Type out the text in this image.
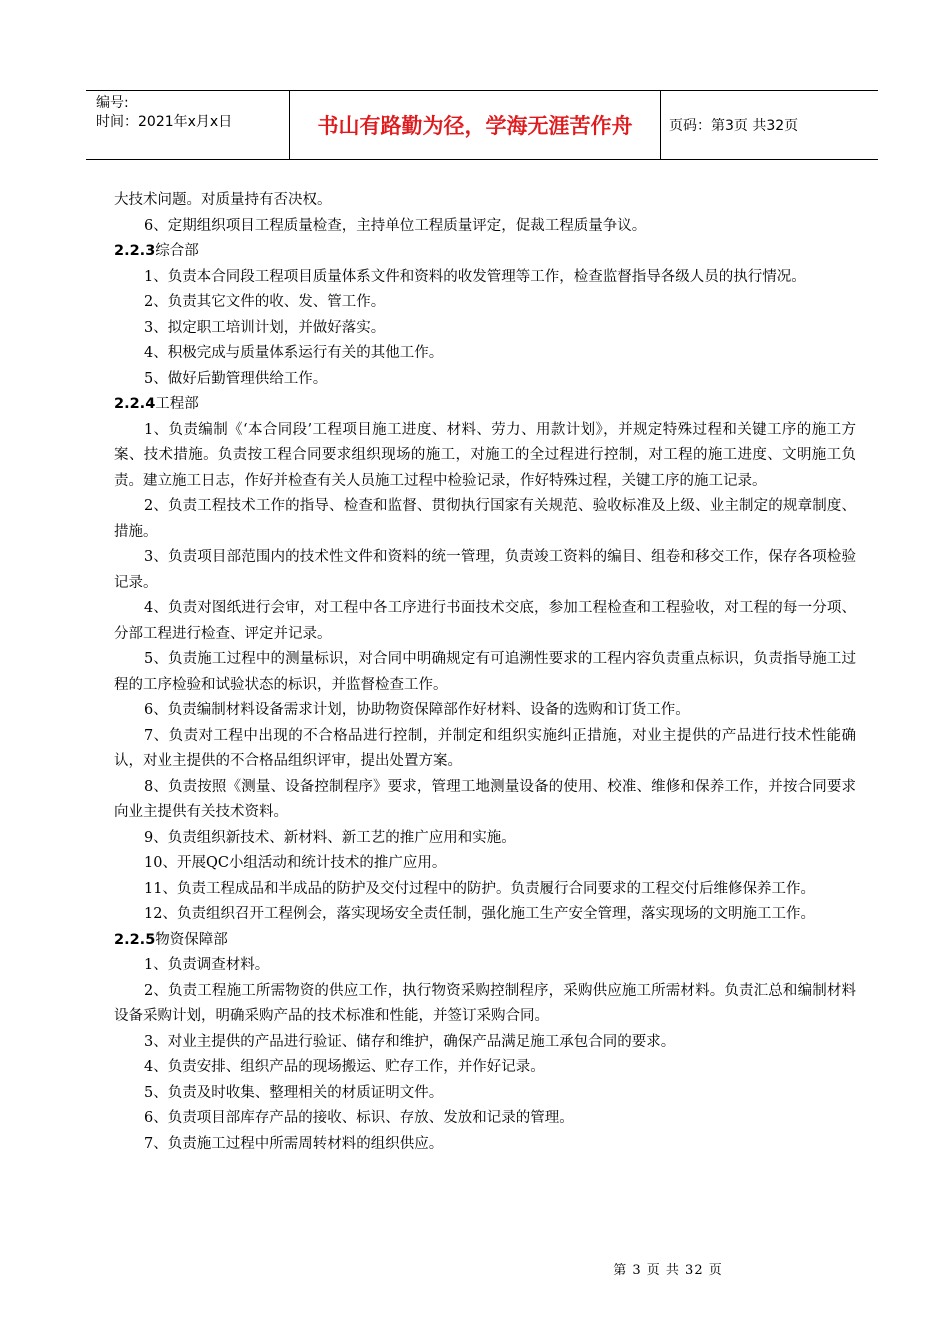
编号:
时间：2021年x月x日	书山有路勤为径，学海无涯苦作舟	页码：第3页 共32页

大技术问题。对质量持有否决权。

6、定期组织项目工程质量检查，主持单位工程质量评定，促裁工程质量争议。

2.2.3综合部

1、负责本合同段工程项目质量体系文件和资料的收发管理等工作，检查监督指导各级人员的执行情况。

2、负责其它文件的收、发、管工作。

3、拟定职工培训计划，并做好落实。

4、积极完成与质量体系运行有关的其他工作。

5、做好后勤管理供给工作。

2.2.4工程部

1、负责编制《‘本合同段’工程项目施工进度、材料、劳力、用款计划》，并规定特殊过程和关键工序的施工方案、技术措施。负责按工程合同要求组织现场的施工，对施工的全过程进行控制，对工程的施工进度、文明施工负责。建立施工日志，作好并检查有关人员施工过程中检验记录，作好特殊过程，关键工序的施工记录。

2、负责工程技术工作的指导、检查和监督、贯彻执行国家有关规范、验收标准及上级、业主制定的规章制度、措施。

3、负责项目部范围内的技术性文件和资料的统一管理，负责竣工资料的编目、组卷和移交工作，保存各项检验记录。

4、负责对图纸进行会审，对工程中各工序进行书面技术交底，参加工程检查和工程验收，对工程的每一分项、分部工程进行检查、评定并记录。

5、负责施工过程中的测量标识，对合同中明确规定有可追溯性要求的工程内容负责重点标识，负责指导施工过程的工序检验和试验状态的标识，并监督检查工作。

6、负责编制材料设备需求计划，协助物资保障部作好材料、设备的选购和订货工作。

7、负责对工程中出现的不合格品进行控制，并制定和组织实施纠正措施，对业主提供的产品进行技术性能确认，对业主提供的不合格品组织评审，提出处置方案。

8、负责按照《测量、设备控制程序》要求，管理工地测量设备的使用、校准、维修和保养工作，并按合同要求向业主提供有关技术资料。

9、负责组织新技术、新材料、新工艺的推广应用和实施。

10、开展QC小组活动和统计技术的推广应用。

11、负责工程成品和半成品的防护及交付过程中的防护。负责履行合同要求的工程交付后维修保养工作。

12、负责组织召开工程例会，落实现场安全责任制，强化施工生产安全管理，落实现场的文明施工工作。

2.2.5物资保障部

1、负责调查材料。

2、负责工程施工所需物资的供应工作，执行物资采购控制程序，采购供应施工所需材料。负责汇总和编制材料设备采购计划，明确采购产品的技术标准和性能，并签订采购合同。

3、对业主提供的产品进行验证、储存和维护，确保产品满足施工承包合同的要求。

4、负责安排、组织产品的现场搬运、贮存工作，并作好记录。

5、负责及时收集、整理相关的材质证明文件。

6、负责项目部库存产品的接收、标识、存放、发放和记录的管理。

7、负责施工过程中所需周转材料的组织供应。

第 3 页 共 32 页
